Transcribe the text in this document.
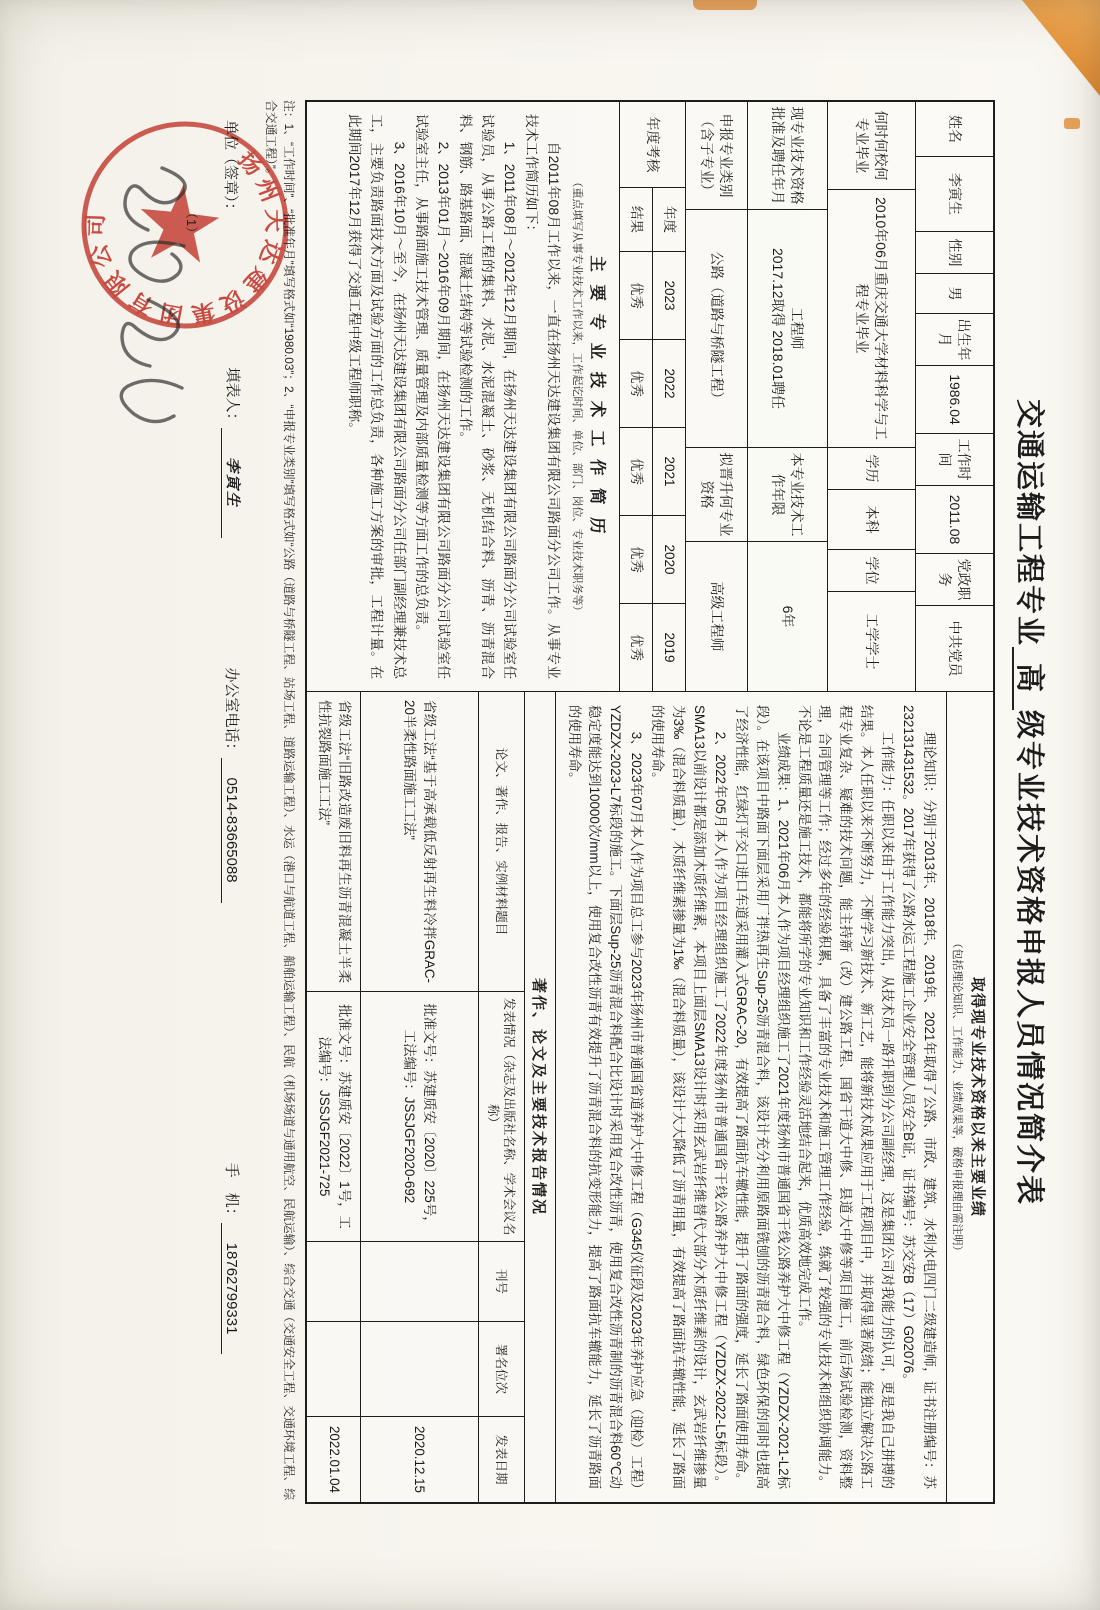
交通运输工程专业高级专业技术资格申报人员情况简介表
姓名
李寅生
性别
男
出生年月
1986.04
工作时间
2011.08
党政职务
中共党员
何时何校何专业毕业
2010年06月重庆交通大学材料科学与工程专业毕业
学历
本科
学位
工学学士
现专业技术资格批准及聘任年月
工程师
2017.12取得 2018.01聘任
本专业技术工作年限
6年
申报专业类别（含子专业）
公路（道路与桥隧工程）
拟晋升何专业资格
高级工程师
年度考核
年度
2023
2022
2021
2020
2019
结果
优秀
优秀
优秀
优秀
优秀
主 要 专 业 技 术 工 作 简 历
（重点填写从事专业技术工作以来，工作起讫时间、单位、部门、岗位、专业技术职务等）

自2011年08月工作以来，一直在扬州天达建设集团有限公司路面分公司工作。从事专业技术工作简历如下：

1、2011年08月～2012年12月期间，在扬州天达建设集团有限公司路面分公司试验室任试验员，从事公路工程的集料、水泥、水泥混凝土、砂浆、无机结合料、沥青、沥青混合料、钢筋、路基路面、混凝土结构等试验检测的工作。

2、2013年01月～2016年09月期间，在扬州天达建设集团有限公司路面分公司试验室任试验室主任，从事路面施工技术管理、质量管理及内部质量检测等方面工作的总负责。

3、2016年10月～至今，在扬州天达建设集团有限公司路面分公司任部门副经理兼技术总工，主要负责路面技术方面及试验方面的工作总负责，各种施工方案的审批，工程计量。在此期间2017年12月获得了交通工程中级工程师职称。

取得现专业技术资格以来主要业绩
（包括理论知识、工作能力、业绩成果等，破格申报理由需注明）

理论知识：分别于2013年、2018年、2019年、2021年取得了公路、市政、建筑、水利水电四门二级建造师，证书注册编号：苏232131431532。2017年获得了公路水运工程施工企业安全管理人员安全B证，证书编号：苏交安B（17）G02076。

工作能力：任职以来由于工作能力突出，从技术员一路升职到分公司副经理，这是集团公司对我能力的认可，更是我自己拼搏的结果。本人任职以来不断努力，不断学习新技术、新工艺，能将新技术成果应用于工程项目中，并取得显著成绩；能独立解决公路工程专业复杂、疑难的技术问题，能主持新（改）建公路工程、国省干道大中修、县道大中修等项目施工，前后场试验检测，资料整理，合同管理等工作；经过多年的经验积累，具备了丰富的专业技术和施工管理工作经验，练就了较强的专业技术和组织协调能力。不论是工程质量还是施工技术，都能将所学的专业知识和工作经验灵活地结合起来，优质高效地完成工作。

业绩成果：1、2021年06月本人作为项目经理组织施工了2021年度扬州市普通国省干线公路养护大中修工程（YZDZX-2021-L2标段）。在该项目中路面下面层采用厂拌热再生Sup-25沥青混合料，该设计充分利用原路面铣刨的沥青混合料，绿色环保的同时也提高了经济性能，红绿灯平交口进口车道采用灌入式GRAC-20，有效提高了路面抗车辙性能，提升了路面的强度，延长了路面使用寿命。

2、2022年05月本人作为项目经理组织施工了2022年度扬州市普通国省干线公路养护大中修工程（YZDZX-2022-L5标段）。SMA13以前设计都是添加木质纤维素，本项目上面层SMA13设计时采用玄武岩纤维替代大部分木质纤维素的设计，玄武岩纤维掺量为3‰（混合料质量），木质纤维素掺量为1‰（混合料质量），该设计大大降低了沥青用量，有效提高了路面抗车辙性能，延长了路面的使用寿命。

3、2023年07月本人作为项目总工参与2023年扬州市普通国省道养护大中修工程（G345仪征段及2023年养护应急（迎检）工程）YZDZX-2023-L7标段的施工。下面层Sup-25沥青混合料配合比设计时采用复合改性沥青，使用复合改性沥青制的沥青混合料60℃动稳定度能达到10000次/mm以上，使用复合改性沥青有效提升了沥青混合料的抗变形能力，提高了路面抗车辙能力，延长了沥青路面的使用寿命。

著作、论文及主要技术报告情况
论文、著作、报告、实例材料题目
发表情况（杂志及出版社名称、学术会议名称）
刊号
署名位次
发表日期
省级工法“基于高承载低反射再生料冷拌GRAC-20半柔性路面施工工法”
批准文号：苏建质安〔2020〕225号，工法编号：JSSJGF2020-692
2020.12.15
省级工法“旧路改造废旧料再生沥青混凝土半柔性抗裂路面施工工法”
批准文号：苏建质安〔2022〕1号，工法编号：JSSJGF2021-725
2022.01.04

注：1、“工作时间”、“批准年月”填写格式如“1980.03”；2、“申报专业类别”填写格式如“公路（道路与桥隧工程、站场工程、道路运输工程）、水运（港口与航道工程、船舶运输工程）、民航（机场场道与通用航空、民航运输）、综合交通（交通安全工程、交通环境工程、综合交通工程）”。

单位（签章）：
填表人：李寅生
办公室电话：0514-83665088
手　机：18762799331
扬州天达建设集团有限公司	（1）
